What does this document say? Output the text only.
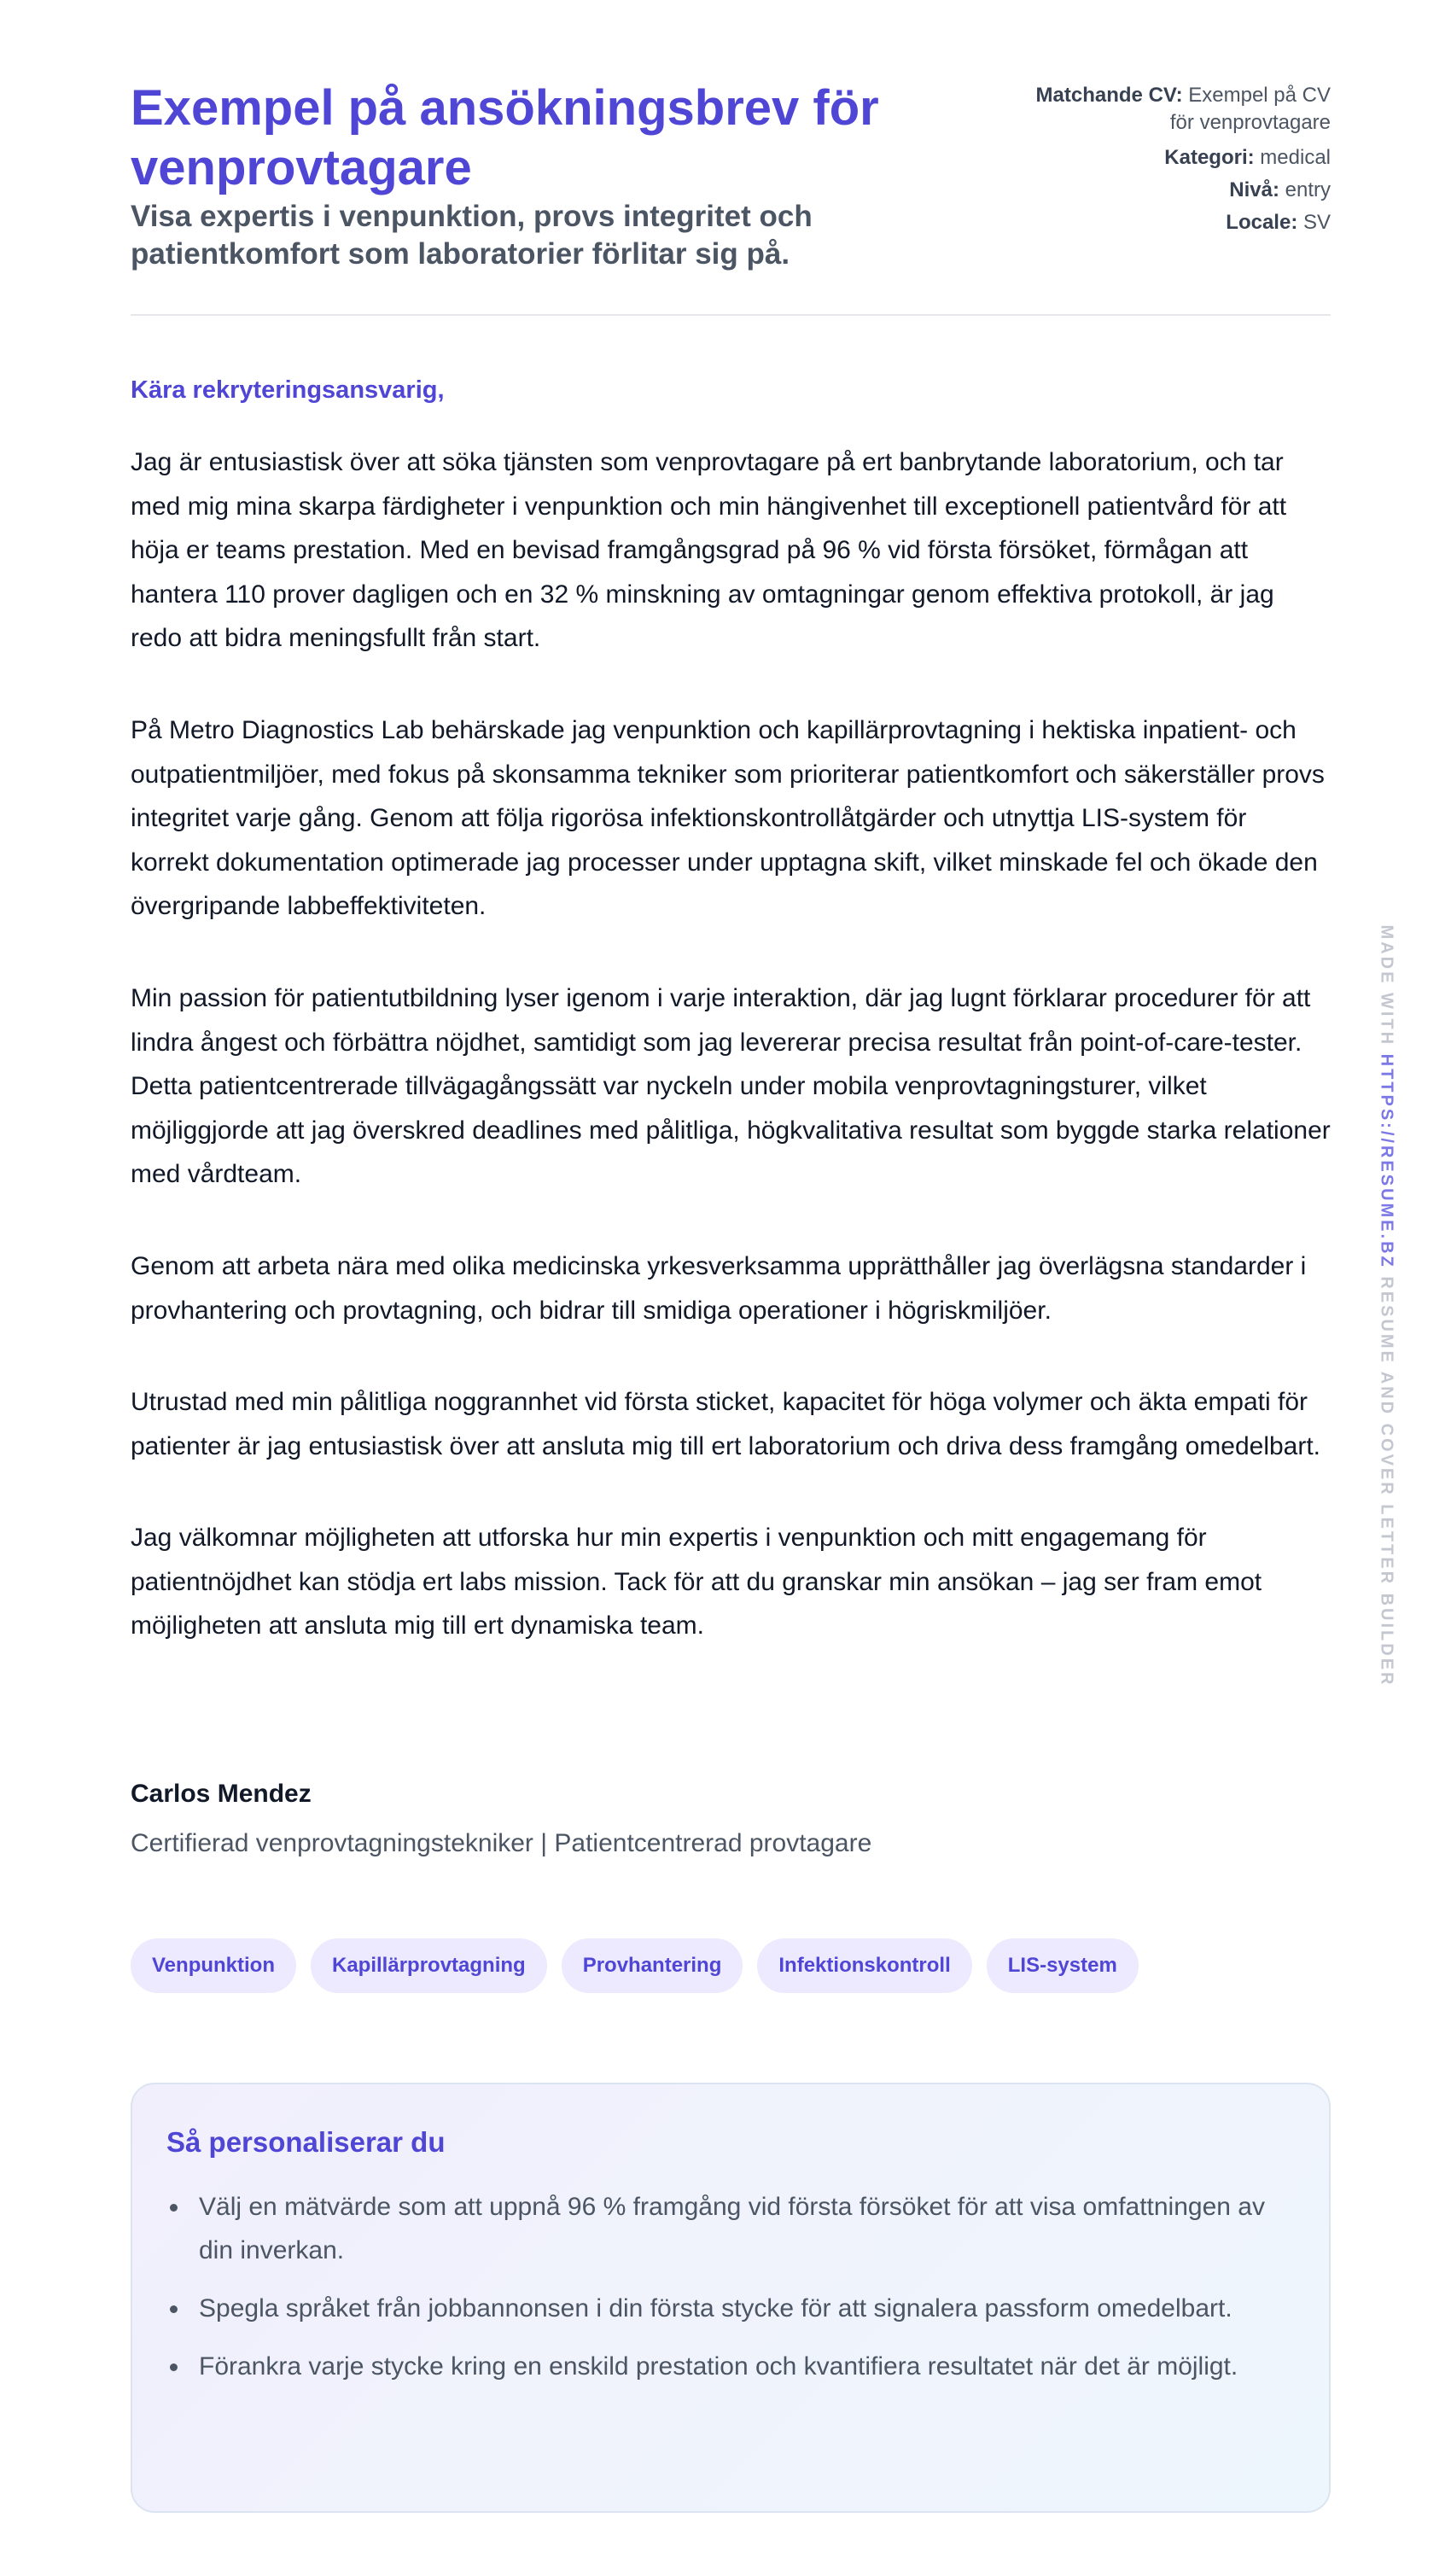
Exempel på ansökningsbrev för venprovtagare
Visa expertis i venpunktion, provs integritet och patientkomfort som laboratorier förlitar sig på.
Matchande CV: Exempel på CV för venprovtagare
Kategori: medical
Nivå: entry
Locale: SV

Kära rekryteringsansvarig,

Jag är entusiastisk över att söka tjänsten som venprovtagare på ert banbrytande laboratorium, och tar med mig mina skarpa färdigheter i venpunktion och min hängivenhet till exceptionell patientvård för att höja er teams prestation. Med en bevisad framgångsgrad på 96 % vid första försöket, förmågan att hantera 110 prover dagligen och en 32 % minskning av omtagningar genom effektiva protokoll, är jag redo att bidra meningsfullt från start.

På Metro Diagnostics Lab behärskade jag venpunktion och kapillärprovtagning i hektiska inpatient- och outpatientmiljöer, med fokus på skonsamma tekniker som prioriterar patientkomfort och säkerställer provs integritet varje gång. Genom att följa rigorösa infektionskontrollåtgärder och utnyttja LIS-system för korrekt dokumentation optimerade jag processer under upptagna skift, vilket minskade fel och ökade den övergripande labbeffektiviteten.

Min passion för patientutbildning lyser igenom i varje interaktion, där jag lugnt förklarar procedurer för att lindra ångest och förbättra nöjdhet, samtidigt som jag levererar precisa resultat från point-of-care-tester. Detta patientcentrerade tillvägagångssätt var nyckeln under mobila venprovtagningsturer, vilket möjliggjorde att jag överskred deadlines med pålitliga, högkvalitativa resultat som byggde starka relationer med vårdteam.

Genom att arbeta nära med olika medicinska yrkesverksamma upprätthåller jag överlägsna standarder i provhantering och provtagning, och bidrar till smidiga operationer i högriskmiljöer.

Utrustad med min pålitliga noggrannhet vid första sticket, kapacitet för höga volymer och äkta empati för patienter är jag entusiastisk över att ansluta mig till ert laboratorium och driva dess framgång omedelbart.

Jag välkomnar möjligheten att utforska hur min expertis i venpunktion och mitt engagemang för patientnöjdhet kan stödja ert labs mission. Tack för att du granskar min ansökan – jag ser fram emot möjligheten att ansluta mig till ert dynamiska team.

Carlos Mendez

Certifierad venprovtagningstekniker | Patientcentrerad provtagare

Venpunktion	Kapillärprovtagning	Provhantering	Infektionskontroll	LIS-system
Så personaliserar du
Välj en mätvärde som att uppnå 96 % framgång vid första försöket för att visa omfattningen av din inverkan.
Spegla språket från jobbannonsen i din första stycke för att signalera passform omedelbart.
Förankra varje stycke kring en enskild prestation och kvantifiera resultatet när det är möjligt.
MADE WITH HTTPS://RESUME.BZ RESUME AND COVER LETTER BUILDER
